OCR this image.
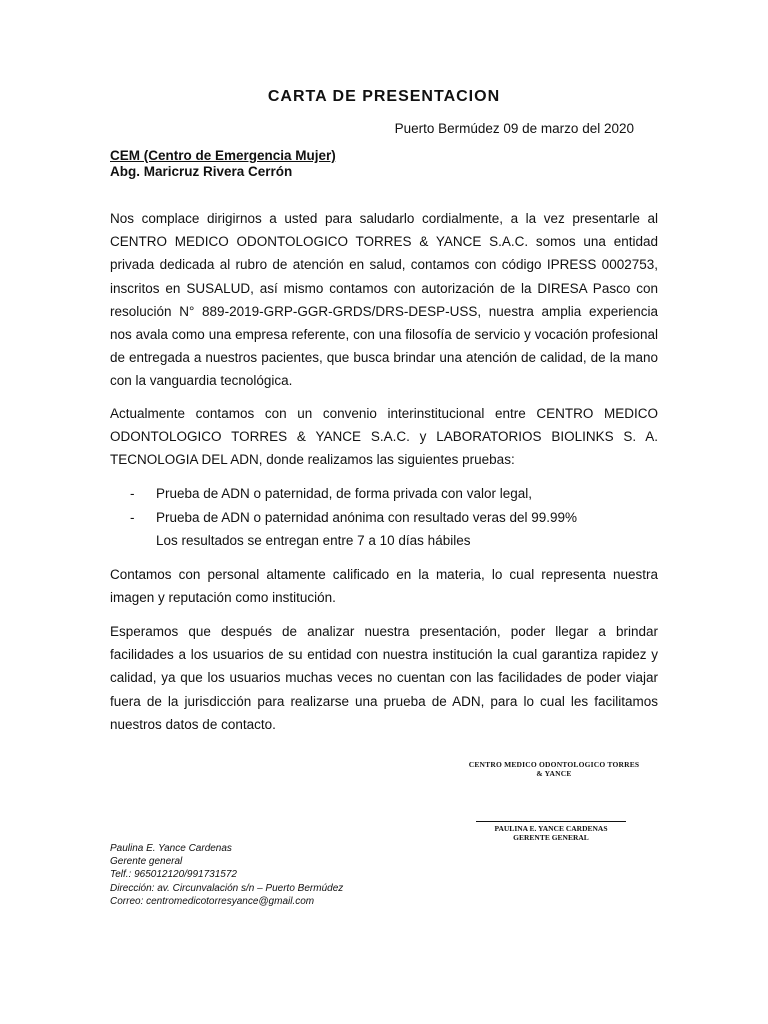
CARTA DE PRESENTACION
Puerto Bermúdez 09 de marzo del 2020
CEM (Centro de Emergencia Mujer)
Abg. Maricruz Rivera Cerrón
Nos complace dirigirnos a usted para saludarlo cordialmente, a la vez presentarle al CENTRO MEDICO ODONTOLOGICO TORRES & YANCE S.A.C. somos una entidad privada dedicada al rubro de atención en salud, contamos con código IPRESS 0002753, inscritos en SUSALUD, así mismo contamos con autorización de la DIRESA Pasco con resolución N° 889-2019-GRP-GGR-GRDS/DRS-DESP-USS, nuestra amplia experiencia nos avala como una empresa referente, con una filosofía de servicio y vocación profesional de entregada a nuestros pacientes, que busca brindar una atención de calidad, de la mano con la vanguardia tecnológica.
Actualmente contamos con un convenio interinstitucional entre CENTRO MEDICO ODONTOLOGICO TORRES & YANCE S.A.C. y LABORATORIOS BIOLINKS S. A. TECNOLOGIA DEL ADN, donde realizamos las siguientes pruebas:
- Prueba de ADN o paternidad, de forma privada con valor legal,
- Prueba de ADN o paternidad anónima con resultado veras del 99.99%
Los resultados se entregan entre 7 a 10 días hábiles
Contamos con personal altamente calificado en la materia, lo cual representa nuestra imagen y reputación como institución.
Esperamos que después de analizar nuestra presentación, poder llegar a brindar facilidades a los usuarios de su entidad con nuestra institución la cual garantiza rapidez y calidad, ya que los usuarios muchas veces no cuentan con las facilidades de poder viajar fuera de la jurisdicción para realizarse una prueba de ADN, para lo cual les facilitamos nuestros datos de contacto.
CENTRO MEDICO ODONTOLOGICO TORRES
& YANCE
PAULINA E. YANCE CARDENAS
GERENTE GENERAL
Paulina E. Yance Cardenas
Gerente general
Telf.: 965012120/991731572
Dirección: av. Circunvalación s/n – Puerto Bermúdez
Correo: centromedicotorresyance@gmail.com
